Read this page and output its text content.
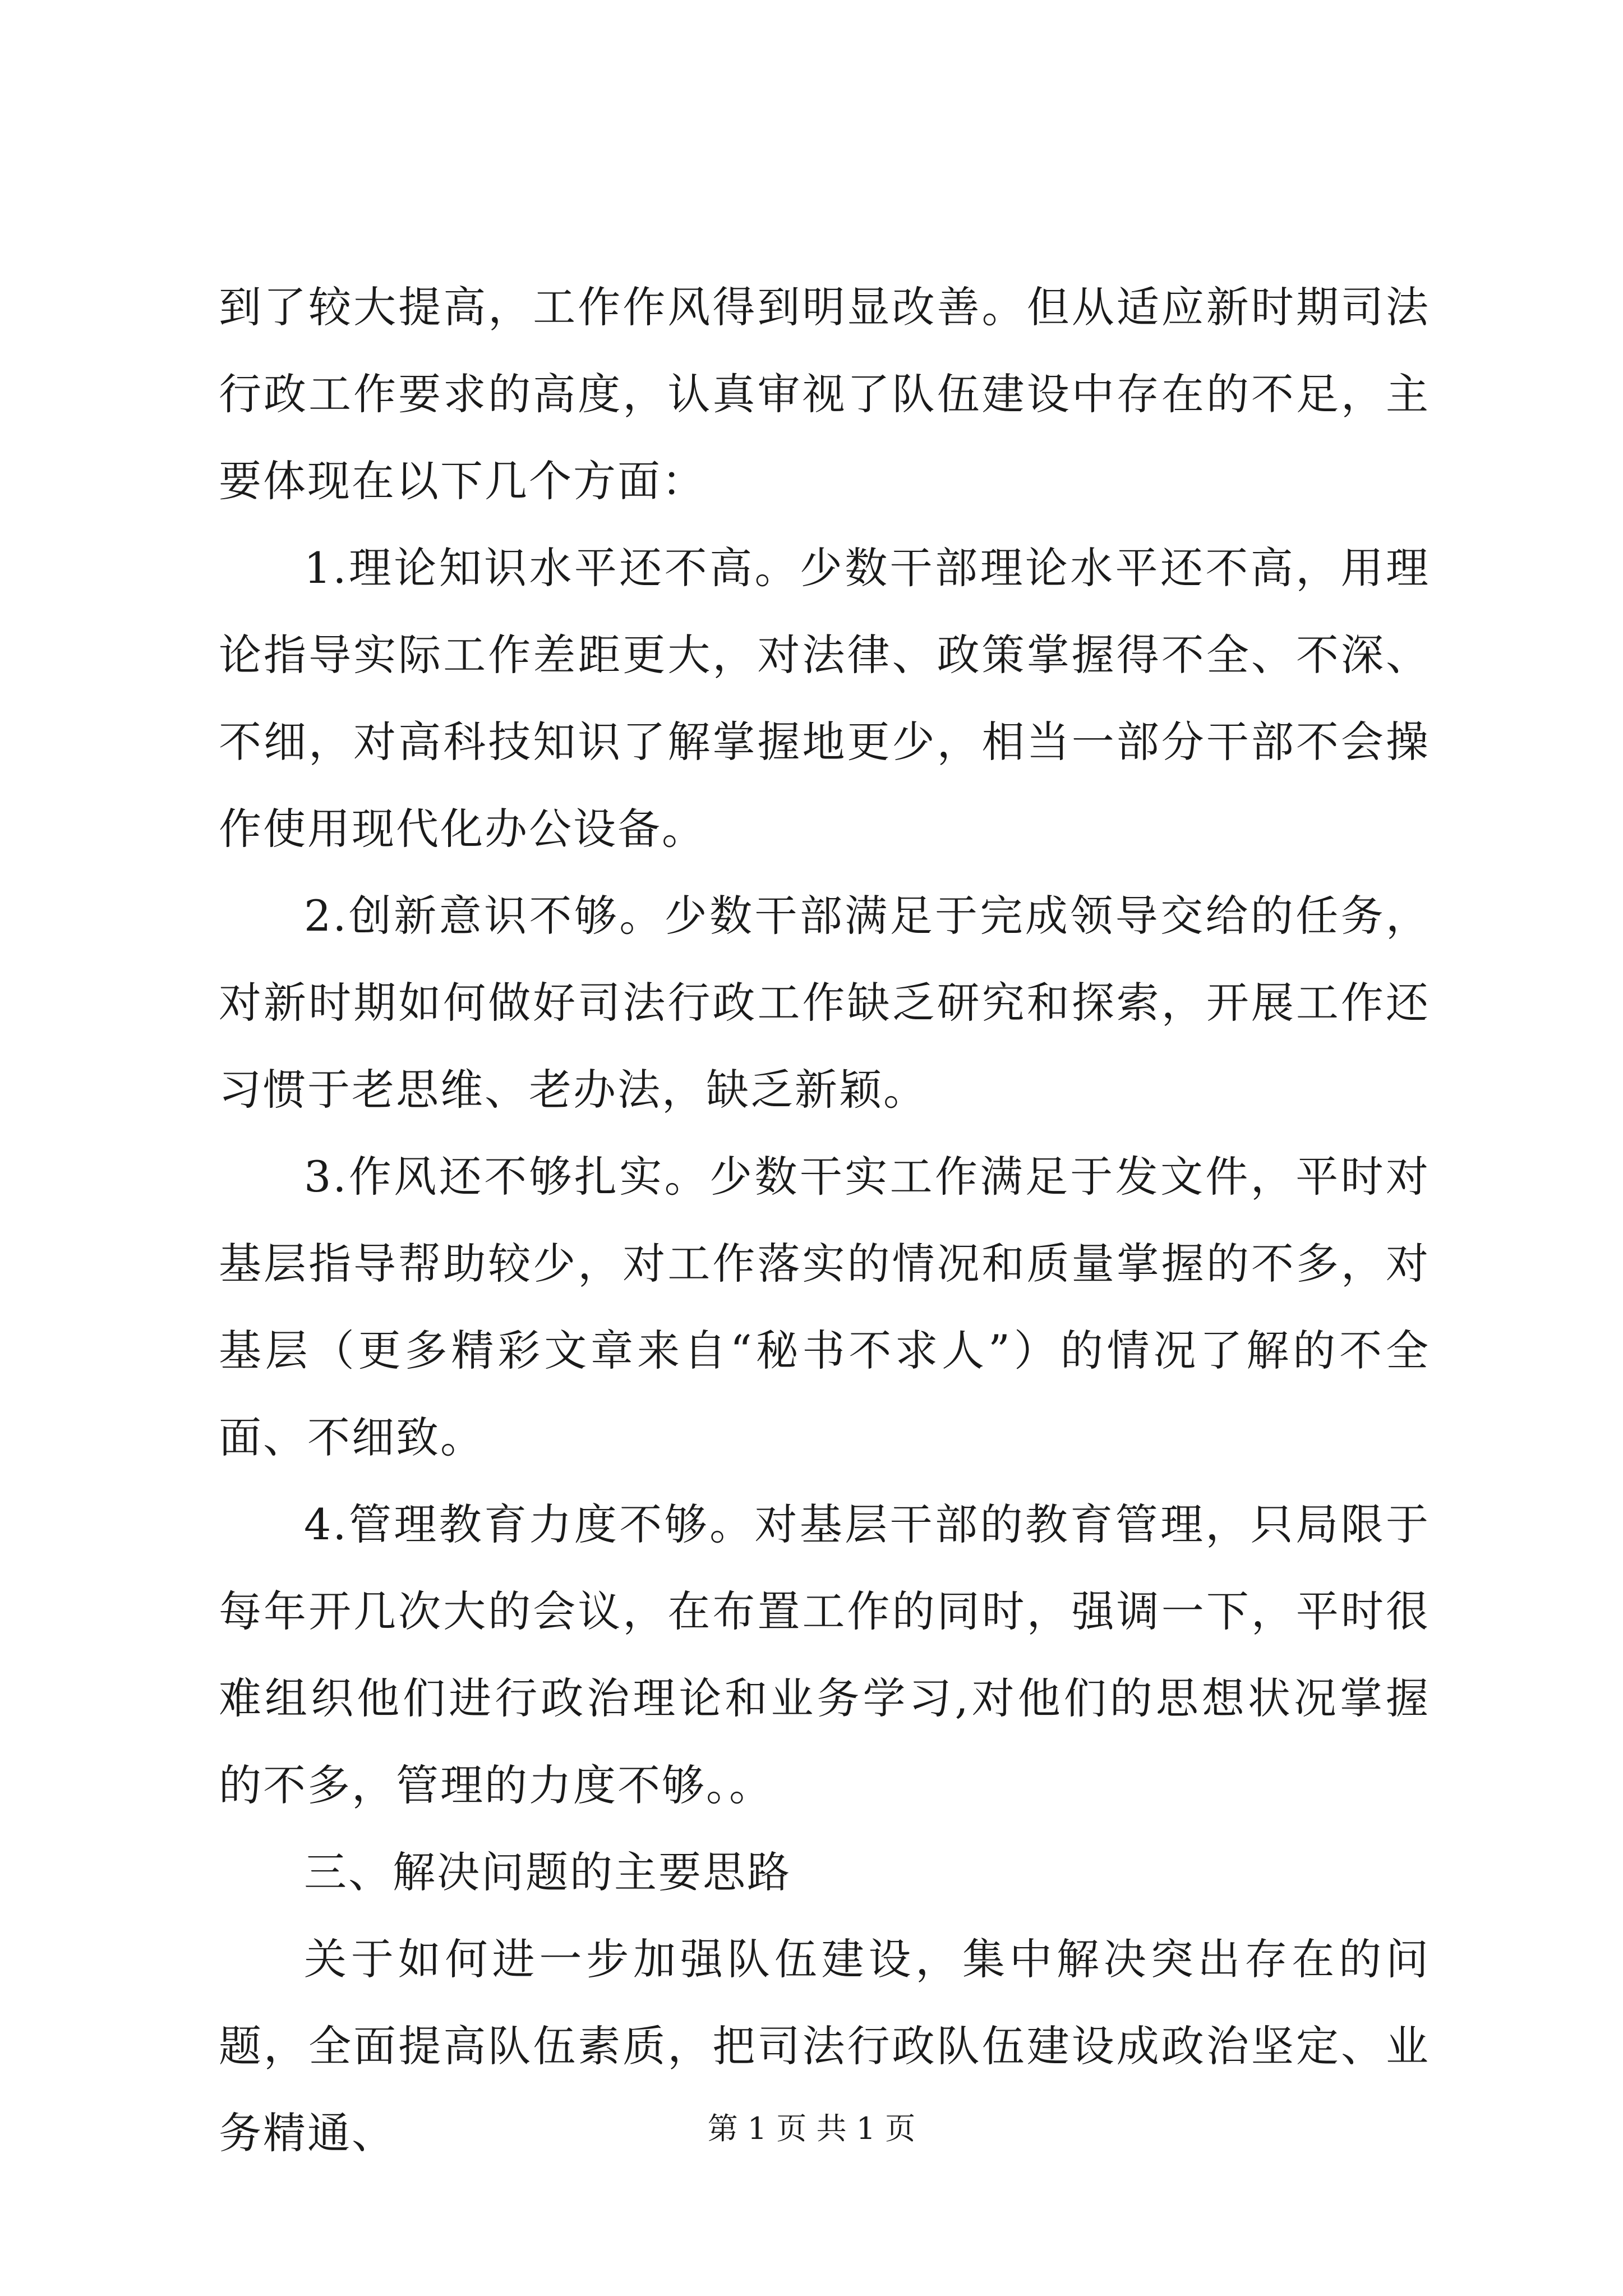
到了较大提高，工作作风得到明显改善。但从适应新时期司法行政工作要求的高度，认真审视了队伍建设中存在的不足，主要体现在以下几个方面：

1.理论知识水平还不高。少数干部理论水平还不高，用理论指导实际工作差距更大，对法律、政策掌握得不全、不深、不细，对高科技知识了解掌握地更少，相当一部分干部不会操作使用现代化办公设备。

2.创新意识不够。少数干部满足于完成领导交给的任务，对新时期如何做好司法行政工作缺乏研究和探索，开展工作还习惯于老思维、老办法，缺乏新颖。

3.作风还不够扎实。少数干实工作满足于发文件，平时对基层指导帮助较少，对工作落实的情况和质量掌握的不多，对基层（更多精彩文章来自“秘书不求人”）的情况了解的不全面、不细致。

4.管理教育力度不够。对基层干部的教育管理，只局限于每年开几次大的会议，在布置工作的同时，强调一下，平时很难组织他们进行政治理论和业务学习,对他们的思想状况掌握的不多，管理的力度不够。。

三、解决问题的主要思路

关于如何进一步加强队伍建设，集中解决突出存在的问题，全面提高队伍素质，把司法行政队伍建设成政治坚定、业务精通、	第 1 页 共 1 页
